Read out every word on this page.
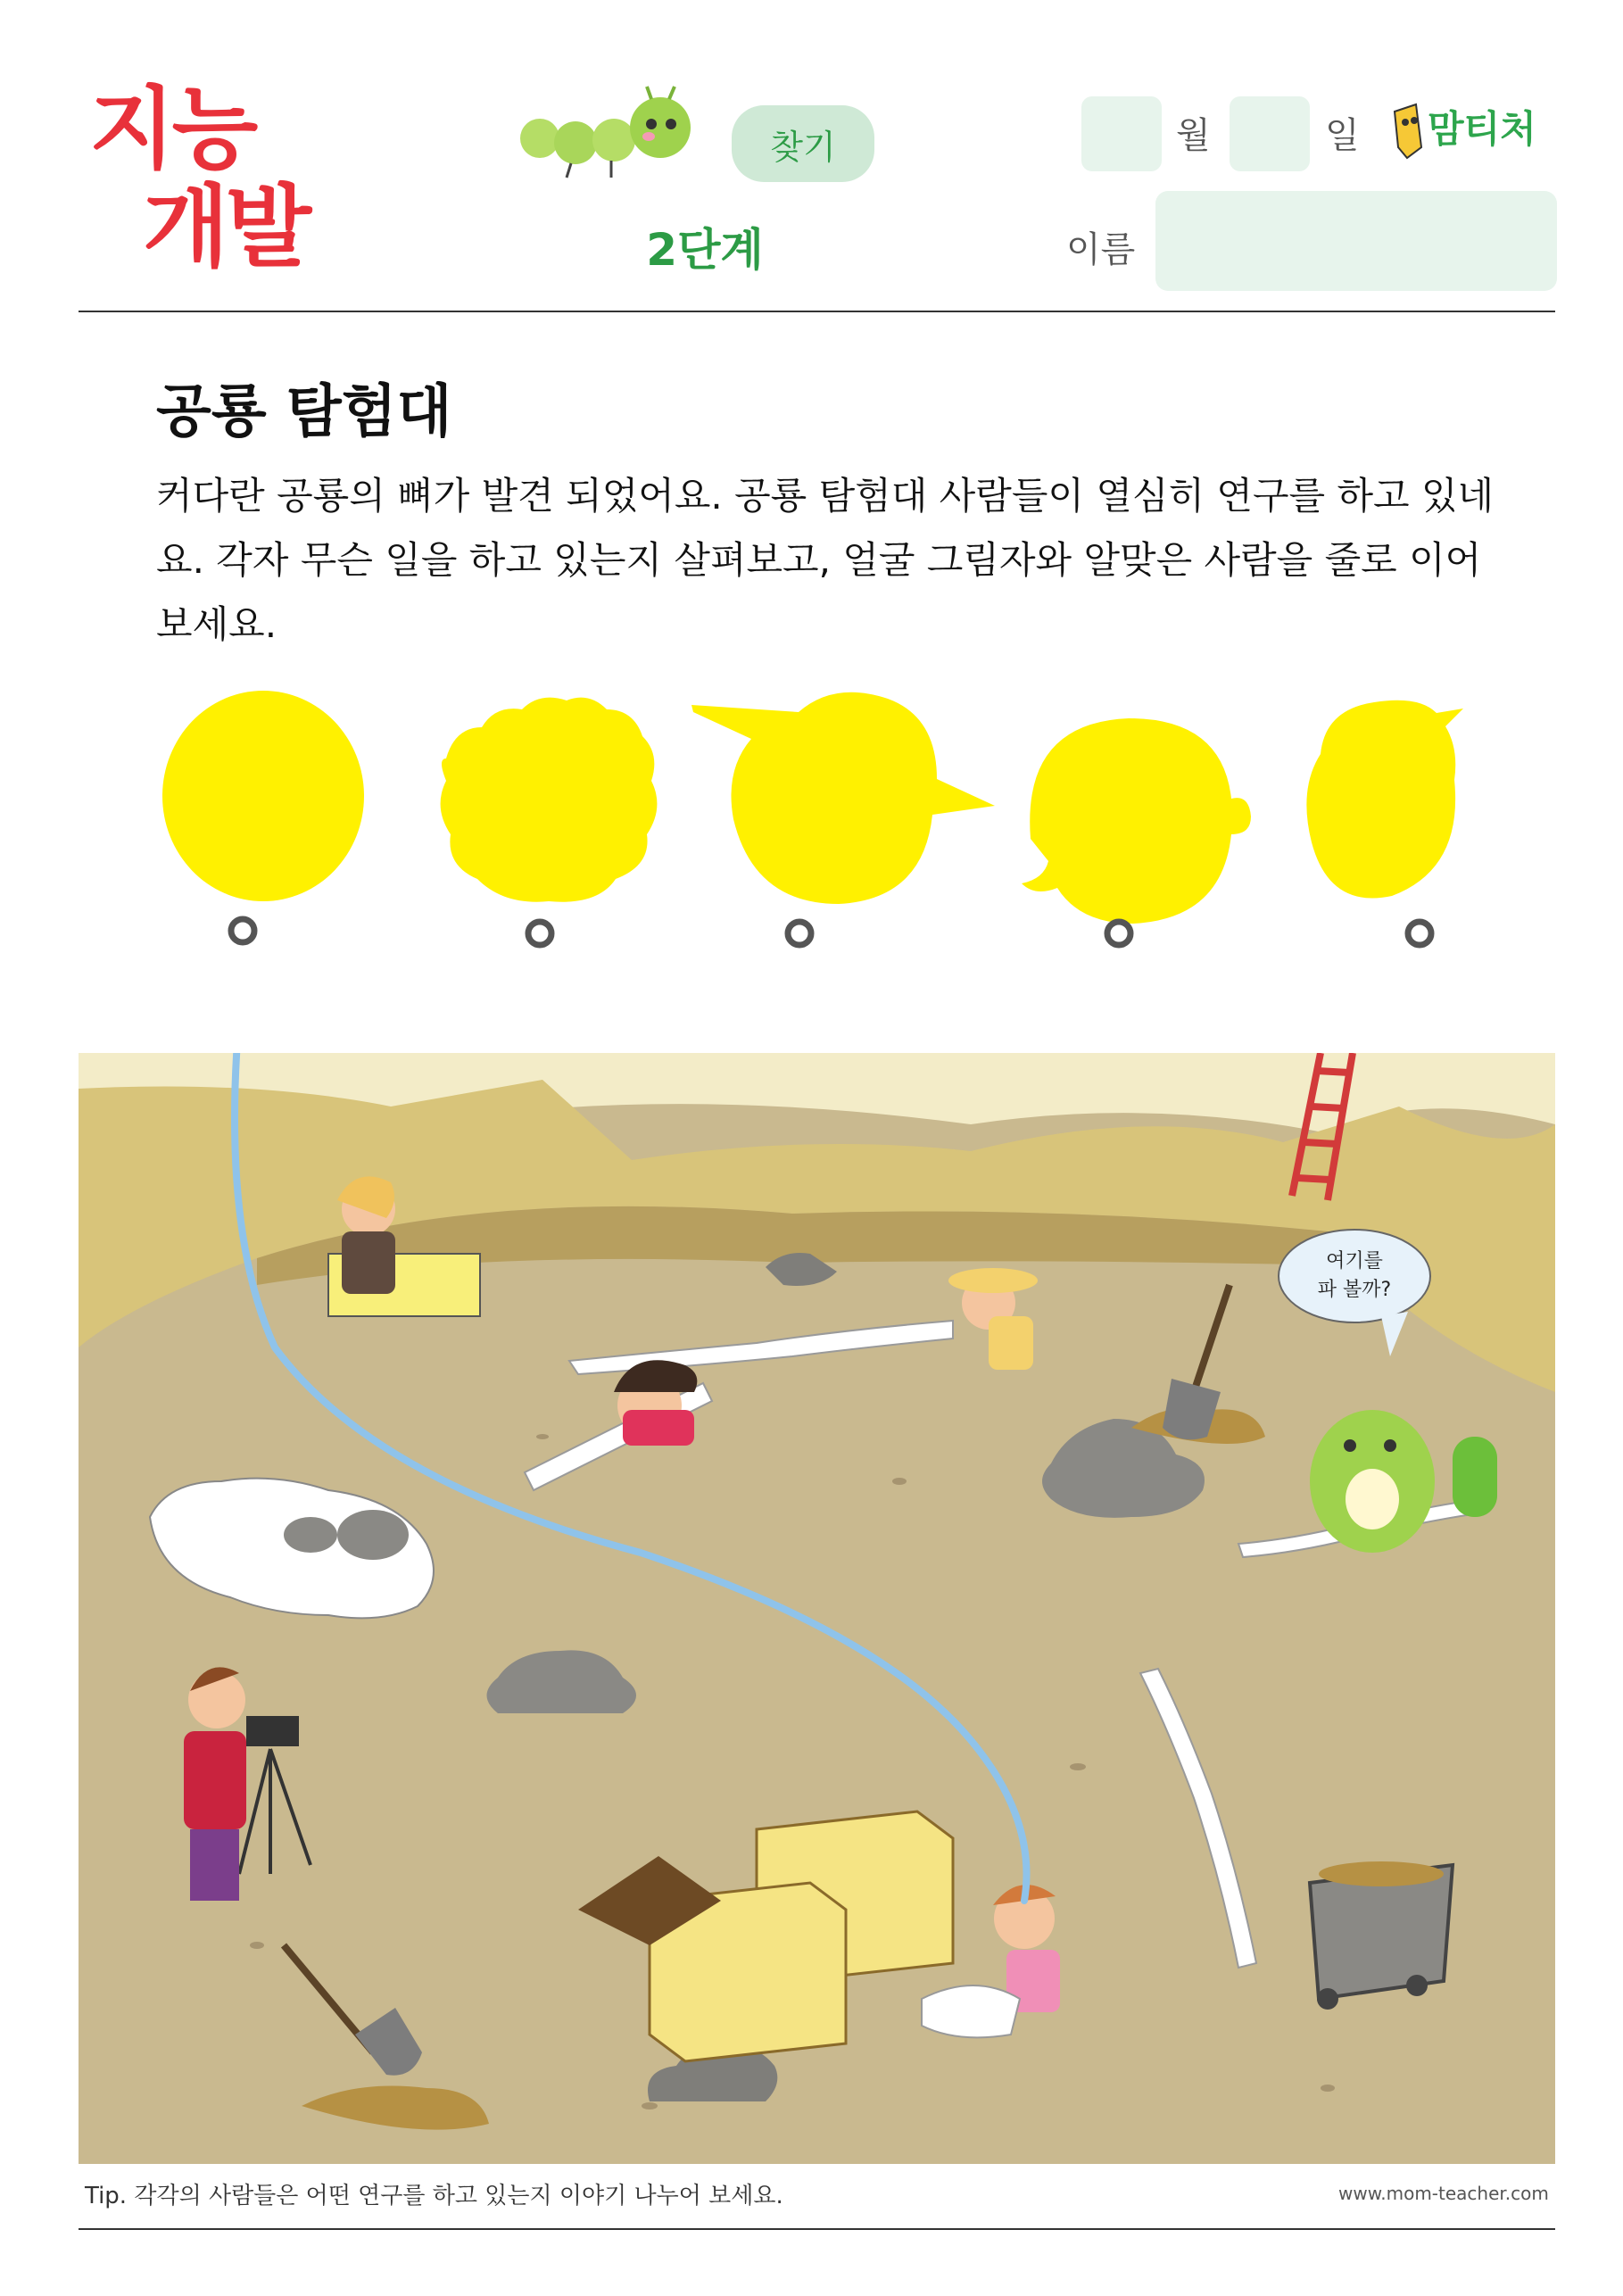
지능
개발
찾기
2단계
월	일 맘티처
이름
공룡 탐험대
커다란 공룡의 뼈가 발견 되었어요. 공룡 탐험대 사람들이 열심히 연구를 하고 있네요. 각자 무슨 일을 하고 있는지 살펴보고, 얼굴 그림자와 알맞은 사람을 줄로 이어 보세요.
여기를
파 볼까?
Tip. 각각의 사람들은 어떤 연구를 하고 있는지 이야기 나누어 보세요.	www.mom-teacher.com
